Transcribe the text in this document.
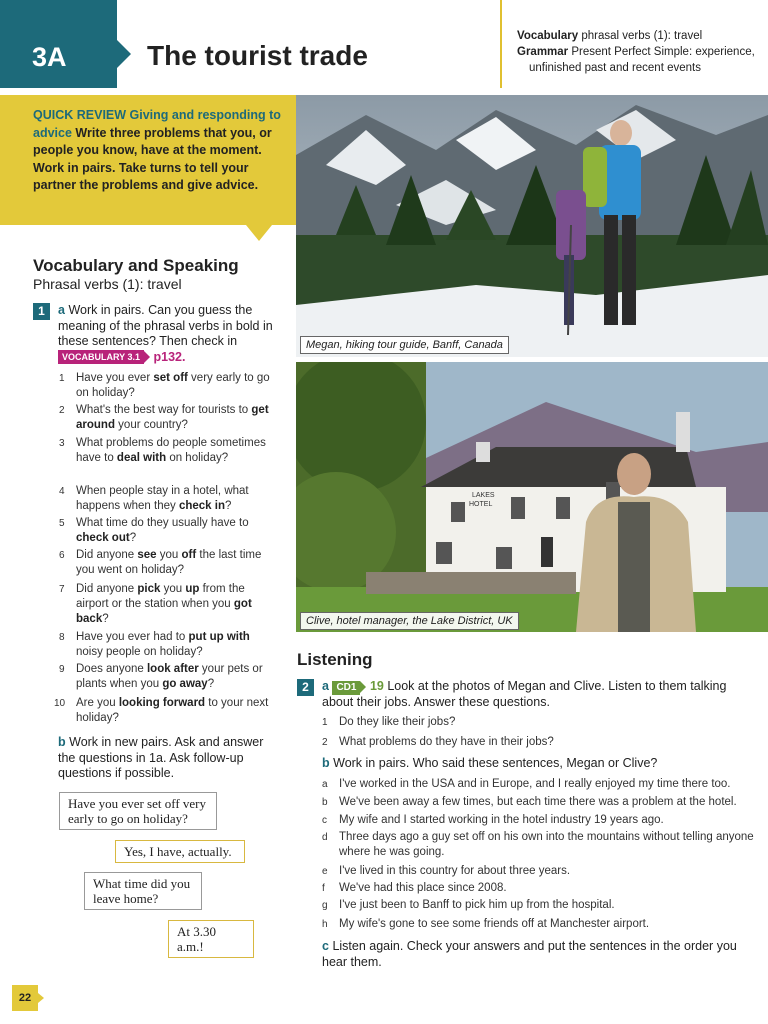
3A	The tourist trade
Vocabulary phrasal verbs (1): travel
Grammar Present Perfect Simple: experience,
unfinished past and recent events
QUICK REVIEW Giving and responding to advice Write three problems that you, or people you know, have at the moment. Work in pairs. Take turns to tell your partner the problems and give advice.
Vocabulary and Speaking
Phrasal verbs (1): travel
1	a Work in pairs. Can you guess the meaning of the phrasal verbs in bold in these sentences? Then check in VOCABULARY 3.1 p132.
1 Have you ever set off very early to go on holiday?
2 What's the best way for tourists to get around your country?
3 What problems do people sometimes have to deal with on holiday?
4 When people stay in a hotel, what happens when they check in?
5 What time do they usually have to check out?
6 Did anyone see you off the last time you went on holiday?
7 Did anyone pick you up from the airport or the station when you got back?
8 Have you ever had to put up with noisy people on holiday?
9 Does anyone look after your pets or plants when you go away?
10 Are you looking forward to your next holiday?
b Work in new pairs. Ask and answer the questions in 1a. Ask follow-up questions if possible.
Have you ever set off very early to go on holiday?
Yes, I have, actually.
What time did you leave home?
At 3.30 a.m.!
Megan, hiking tour guide, Banff, Canada
LAKES
HOTEL
Clive, hotel manager, the Lake District, UK
Listening
2	a CD1 19 Look at the photos of Megan and Clive. Listen to them talking about their jobs. Answer these questions.
1 Do they like their jobs?
2 What problems do they have in their jobs?
b Work in pairs. Who said these sentences, Megan or Clive?
a I've worked in the USA and in Europe, and I really enjoyed my time there too.
b We've been away a few times, but each time there was a problem at the hotel.
c My wife and I started working in the hotel industry 19 years ago.
d Three days ago a guy set off on his own into the mountains without telling anyone where he was going.
e I've lived in this country for about three years.
f We've had this place since 2008.
g I've just been to Banff to pick him up from the hospital.
h My wife's gone to see some friends off at Manchester airport.
c Listen again. Check your answers and put the sentences in the order you hear them.
22
